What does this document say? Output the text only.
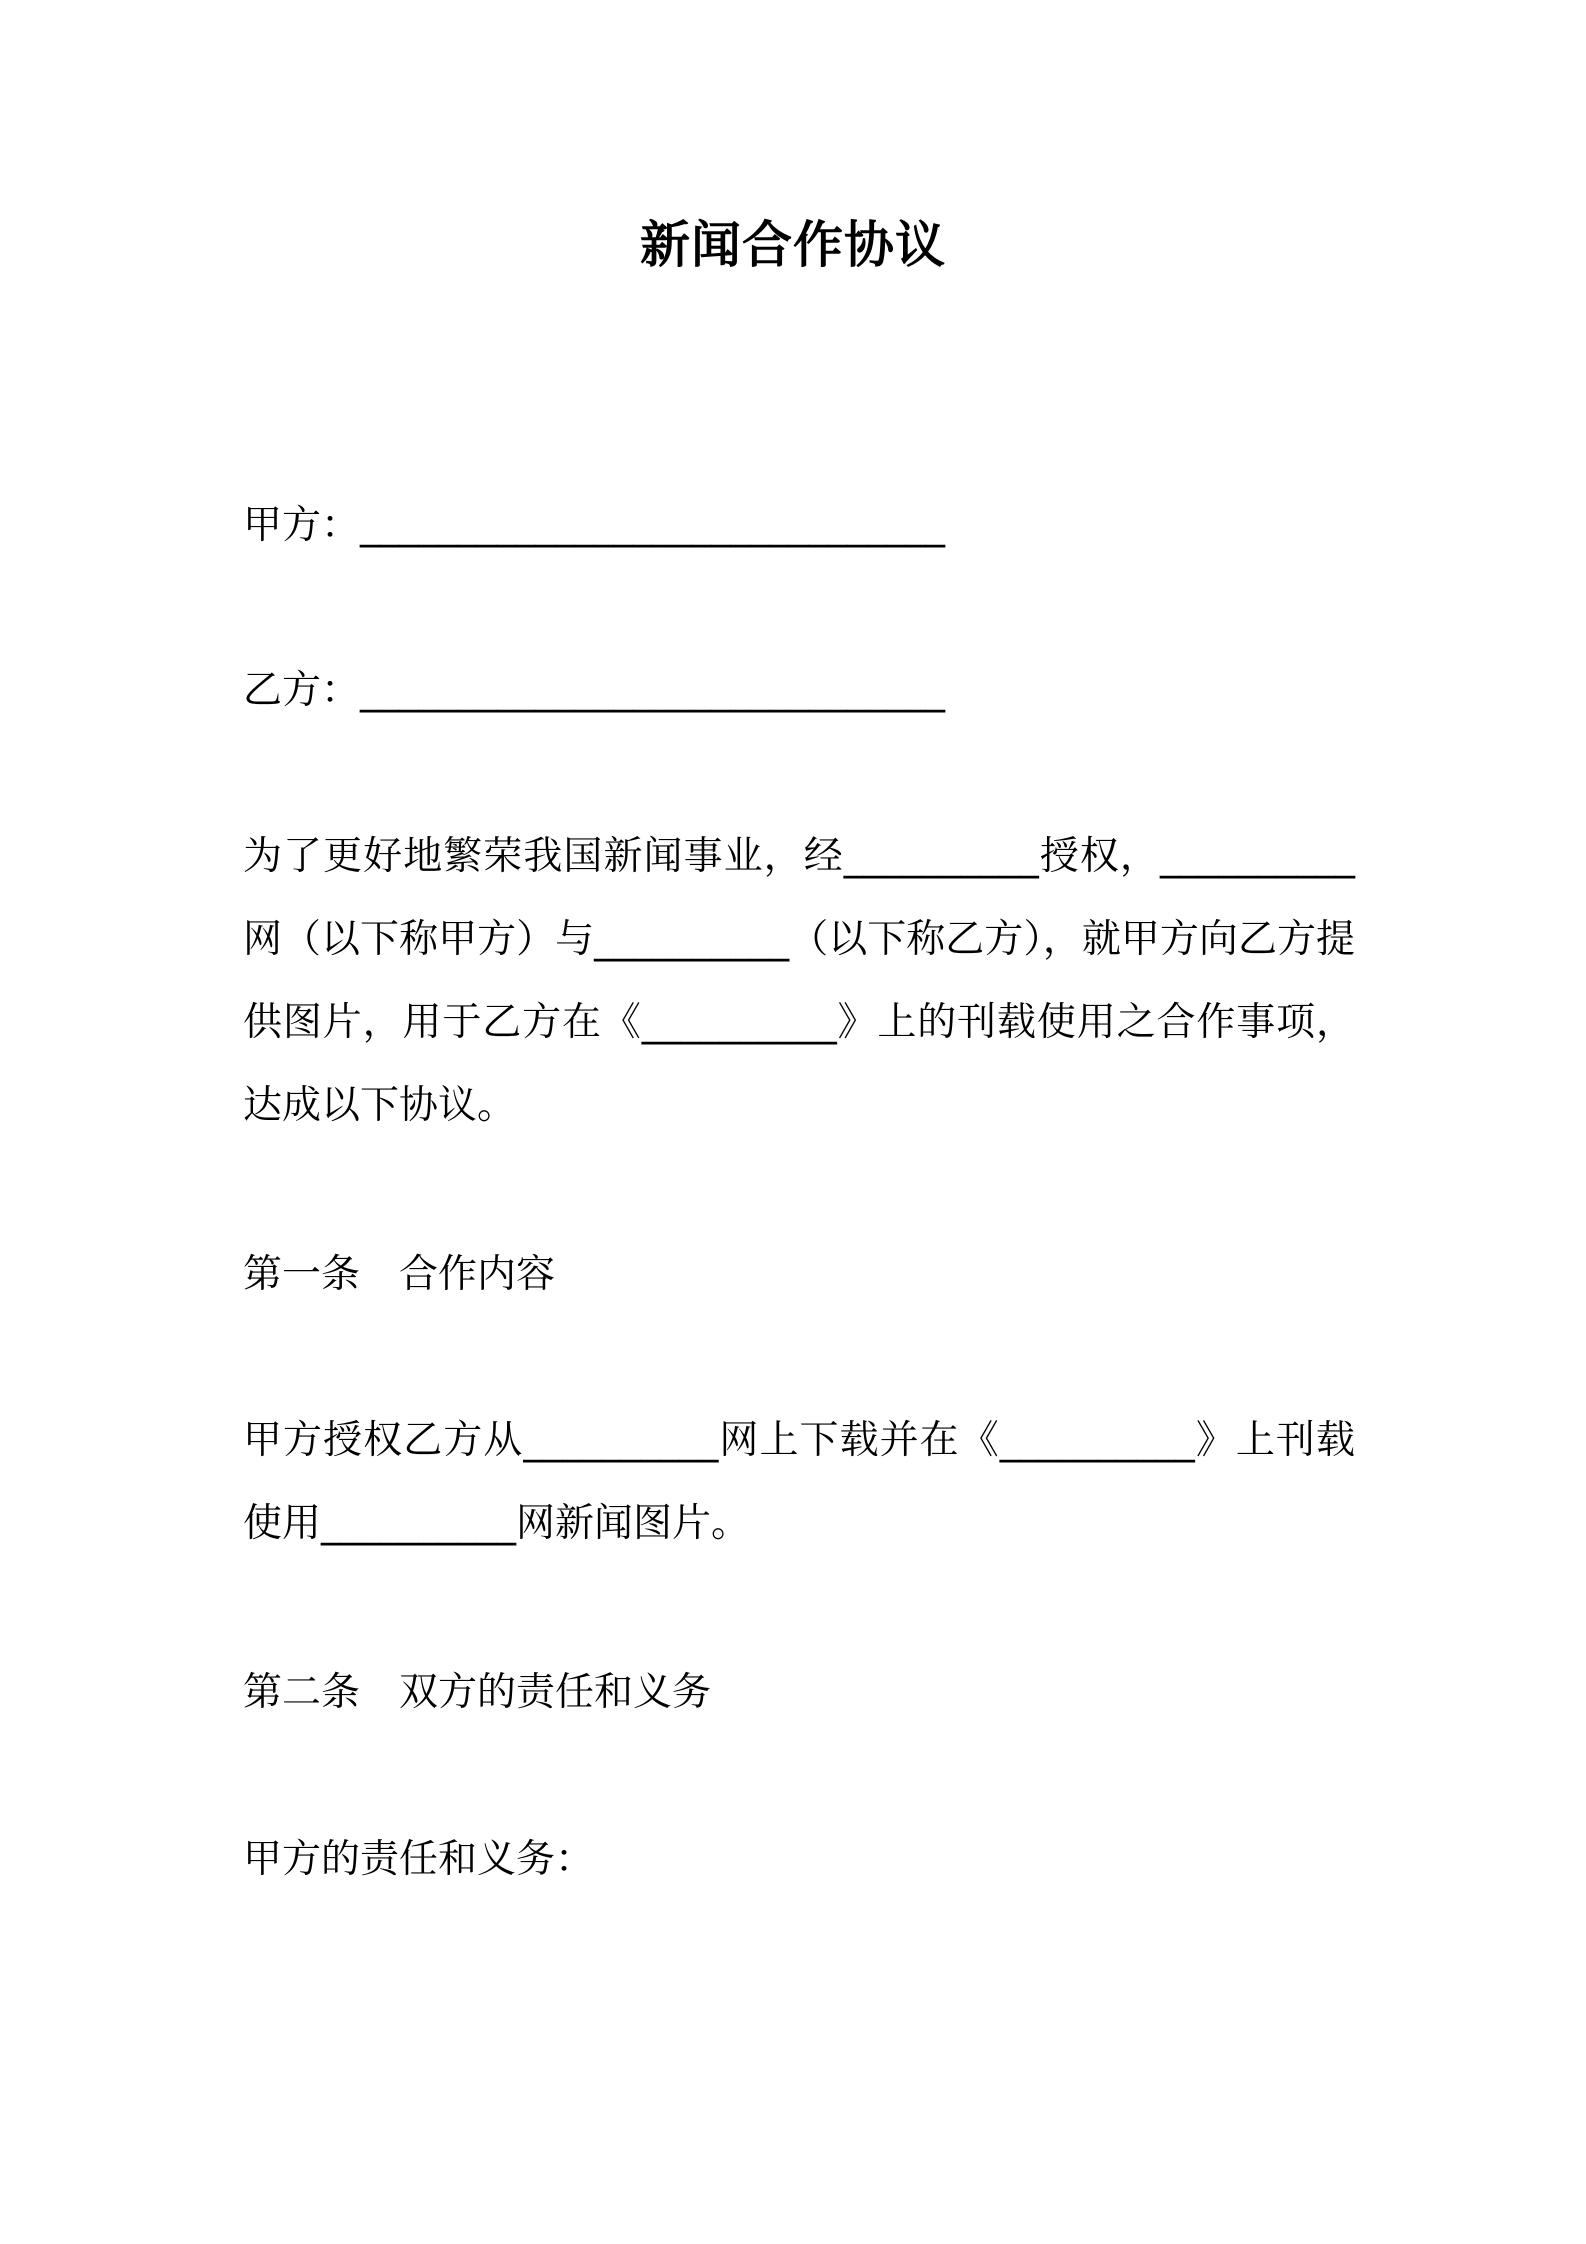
新闻合作协议
甲方：______________________________
乙方：______________________________
为了更好地繁荣我国新闻事业，经__________授权，__________网（以下称甲方）与__________（以下称乙方），就甲方向乙方提供图片，用于乙方在《__________》上的刊载使用之合作事项，达成以下协议。
第一条　合作内容
甲方授权乙方从__________网上下载并在《__________》上刊载使用__________网新闻图片。
第二条　双方的责任和义务
甲方的责任和义务：
